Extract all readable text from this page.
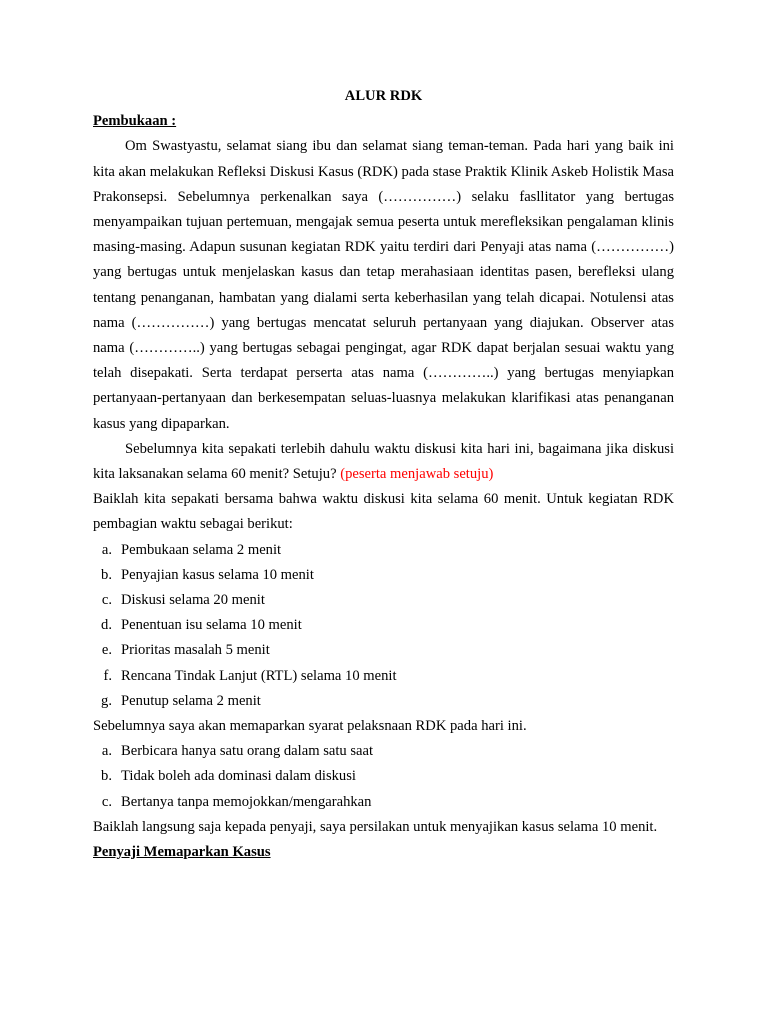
ALUR RDK

Pembukaan :

Om Swastyastu, selamat siang ibu dan selamat siang teman-teman. Pada hari yang baik ini kita akan melakukan Refleksi Diskusi Kasus (RDK) pada stase Praktik Klinik Askeb Holistik Masa Prakonsepsi. Sebelumnya perkenalkan saya (……………) selaku fasllitator yang bertugas menyampaikan tujuan pertemuan, mengajak semua peserta untuk merefleksikan pengalaman klinis masing-masing. Adapun susunan kegiatan RDK yaitu terdiri dari Penyaji atas nama (……………) yang bertugas untuk menjelaskan kasus dan tetap merahasiaan identitas pasen, berefleksi ulang tentang penanganan, hambatan yang dialami serta keberhasilan yang telah dicapai. Notulensi atas nama (……………) yang bertugas mencatat seluruh pertanyaan yang diajukan. Observer atas nama (…………..) yang bertugas sebagai pengingat, agar RDK dapat berjalan sesuai waktu yang telah disepakati. Serta terdapat perserta atas nama (…………..) yang bertugas menyiapkan pertanyaan-pertanyaan dan berkesempatan seluas-luasnya melakukan klarifikasi atas penanganan kasus yang dipaparkan.

Sebelumnya kita sepakati terlebih dahulu waktu diskusi kita hari ini, bagaimana jika diskusi kita laksanakan selama 60 menit? Setuju? (peserta menjawab setuju)

Baiklah kita sepakati bersama bahwa waktu diskusi kita selama 60 menit. Untuk kegiatan RDK pembagian waktu sebagai berikut:

a. Pembukaan selama 2 menit
b. Penyajian kasus selama 10 menit
c. Diskusi selama 20 menit
d. Penentuan isu selama 10 menit
e. Prioritas masalah 5 menit
f. Rencana Tindak Lanjut (RTL) selama 10 menit
g. Penutup selama 2 menit

Sebelumnya saya akan memaparkan syarat pelaksnaan RDK pada hari ini.

a. Berbicara hanya satu orang dalam satu saat
b. Tidak boleh ada dominasi dalam diskusi
c. Bertanya tanpa memojokkan/mengarahkan

Baiklah langsung saja kepada penyaji, saya persilakan untuk menyajikan kasus selama 10 menit.

Penyaji Memaparkan Kasus
